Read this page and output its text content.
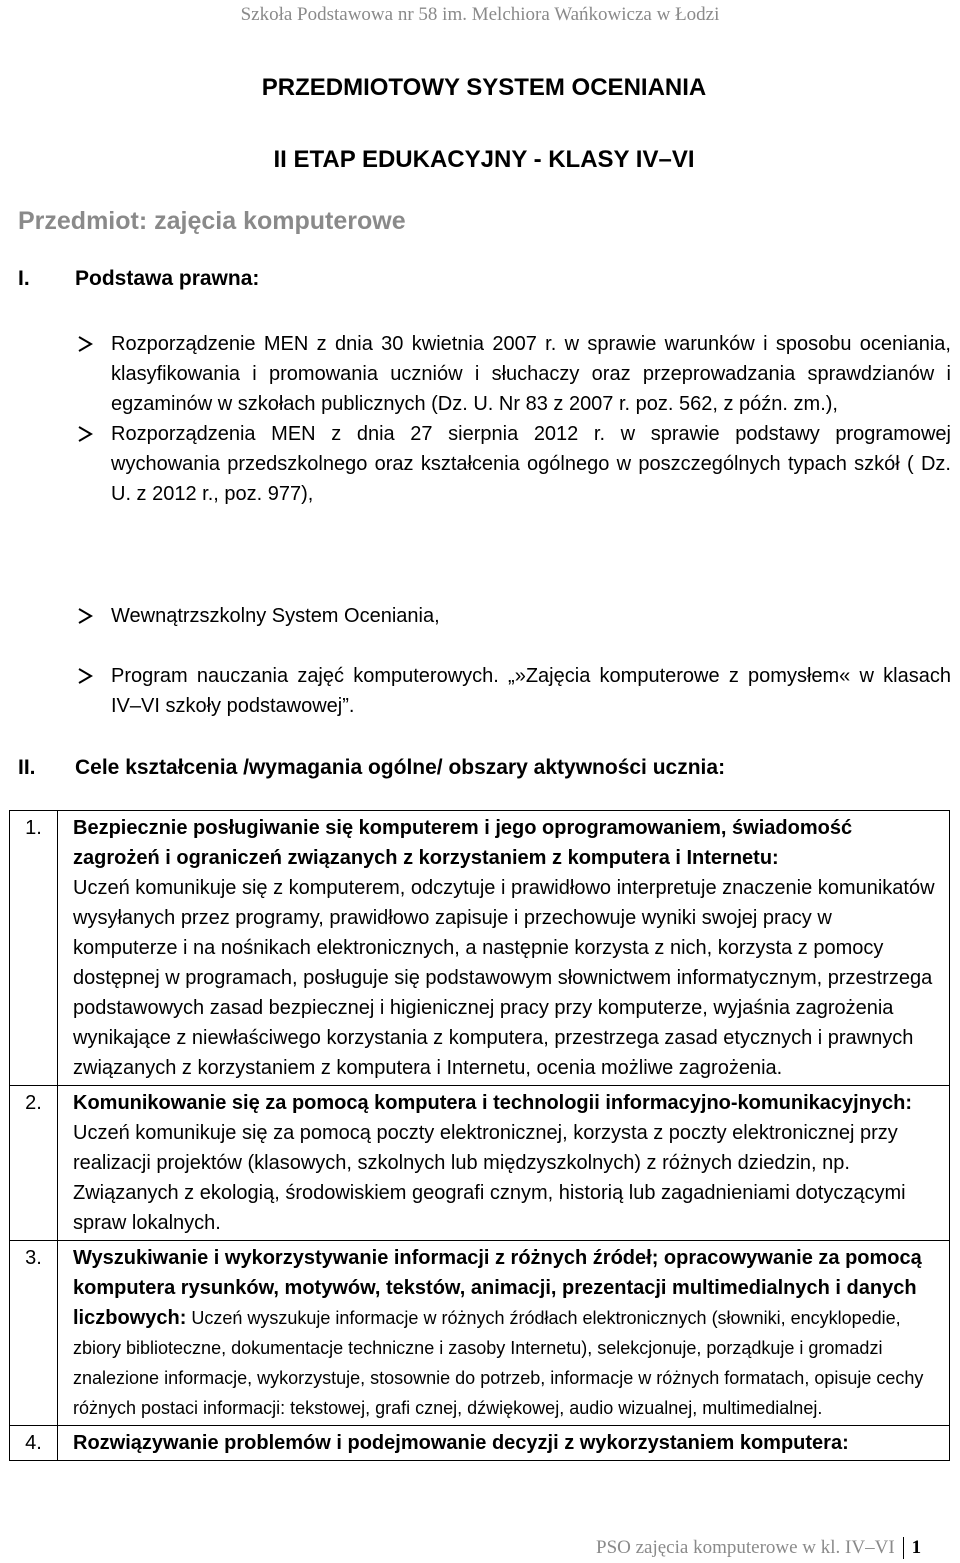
Szkoła Podstawowa nr 58 im. Melchiora Wańkowicza w Łodzi
PRZEDMIOTOWY SYSTEM OCENIANIA
II ETAP EDUKACYJNY - KLASY IV–VI
Przedmiot: zajęcia komputerowe
I.	Podstawa prawna:
Rozporządzenie MEN z dnia 30 kwietnia 2007 r. w sprawie warunków i sposobu oceniania, klasyfikowania i promowania uczniów i słuchaczy oraz przeprowadzania sprawdzianów i egzaminów w szkołach publicznych (Dz. U. Nr 83 z 2007 r. poz. 562, z późn. zm.),
Rozporządzenia MEN z dnia 27 sierpnia 2012 r. w sprawie podstawy programowej wychowania przedszkolnego oraz kształcenia ogólnego w poszczególnych typach szkół ( Dz. U. z 2012 r., poz. 977),
Wewnątrzszkolny System Oceniania,
Program nauczania zajęć komputerowych. „»Zajęcia komputerowe z pomysłem« w klasach IV–VI szkoły podstawowej”.
II.	Cele kształcenia /wymagania ogólne/ obszary aktywności ucznia:
1.	Bezpiecznie posługiwanie się komputerem i jego oprogramowaniem, świadomość zagrożeń i ograniczeń związanych z korzystaniem z komputera i Internetu:
Uczeń komunikuje się z komputerem, odczytuje i prawidłowo interpretuje znaczenie komunikatów wysyłanych przez programy, prawidłowo zapisuje i przechowuje wyniki swojej pracy w komputerze i na nośnikach elektronicznych, a następnie korzysta z nich, korzysta z pomocy dostępnej w programach, posługuje się podstawowym słownictwem informatycznym, przestrzega podstawowych zasad bezpiecznej i higienicznej pracy przy komputerze, wyjaśnia zagrożenia wynikające z niewłaściwego korzystania z komputera, przestrzega zasad etycznych i prawnych związanych z korzystaniem z komputera i Internetu, ocenia możliwe zagrożenia.
2.	Komunikowanie się za pomocą komputera i technologii informacyjno-komunikacyjnych: Uczeń komunikuje się za pomocą poczty elektronicznej, korzysta z poczty elektronicznej przy realizacji projektów (klasowych, szkolnych lub międzyszkolnych) z różnych dziedzin, np. Związanych z ekologią, środowiskiem geografi cznym, historią lub zagadnieniami dotyczącymi spraw lokalnych.
3.	Wyszukiwanie i wykorzystywanie informacji z różnych źródeł; opracowywanie za pomocą komputera rysunków, motywów, tekstów, animacji, prezentacji multimedialnych i danych liczbowych: Uczeń wyszukuje informacje w różnych źródłach elektronicznych (słowniki, encyklopedie, zbiory biblioteczne, dokumentacje techniczne i zasoby Internetu), selekcjonuje, porządkuje i gromadzi znalezione informacje, wykorzystuje, stosownie do potrzeb, informacje w różnych formatach, opisuje cechy różnych postaci informacji: tekstowej, grafi cznej, dźwiękowej, audio wizualnej, multimedialnej.
4.	Rozwiązywanie problemów i podejmowanie decyzji z wykorzystaniem komputera:
PSO zajęcia komputerowe w kl. IV–VI 1
